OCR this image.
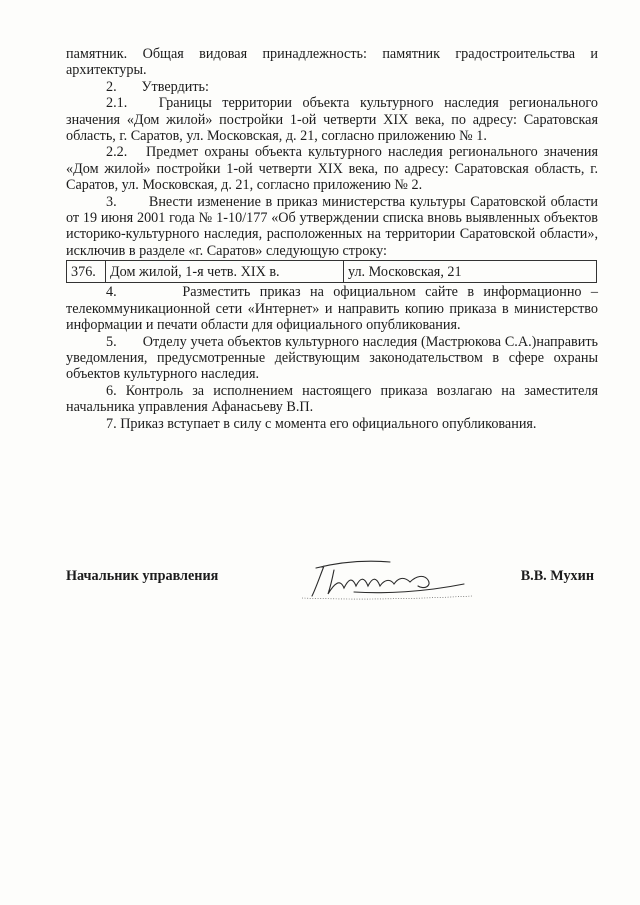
памятник. Общая видовая принадлежность: памятник градостроительства и архитектуры.

2.       Утвердить:

2.1.   Границы территории объекта культурного наследия регионального значения «Дом жилой» постройки 1-ой четверти XIX века, по адресу: Саратовская область, г. Саратов, ул. Московская, д. 21, согласно приложению № 1.

2.2.   Предмет охраны объекта культурного наследия регионального значения «Дом жилой» постройки 1-ой четверти XIX века, по адресу: Саратовская область, г. Саратов, ул. Московская, д. 21, согласно приложению № 2.

3.       Внести изменение в приказ министерства культуры Саратовской области от 19 июня 2001 года № 1-10/177 «Об утверждении списка вновь выявленных объектов историко-культурного наследия, расположенных на территории Саратовской области», исключив в разделе «г. Саратов» следующую строку:

376.	Дом жилой, 1-я четв. XIX в.	ул. Московская, 21

4.       Разместить приказ на официальном сайте в информационно – телекоммуникационной сети «Интернет» и направить копию приказа в министерство информации и печати области для официального опубликования.

5.       Отделу учета объектов культурного наследия (Мастрюкова С.А.)направить уведомления, предусмотренные действующим законодательством в сфере охраны объектов культурного наследия.

6. Контроль за исполнением настоящего приказа возлагаю на заместителя начальника управления Афанасьеву В.П.

7. Приказ вступает в силу с момента его официального опубликования.

Начальник управления	В.В. Мухин
